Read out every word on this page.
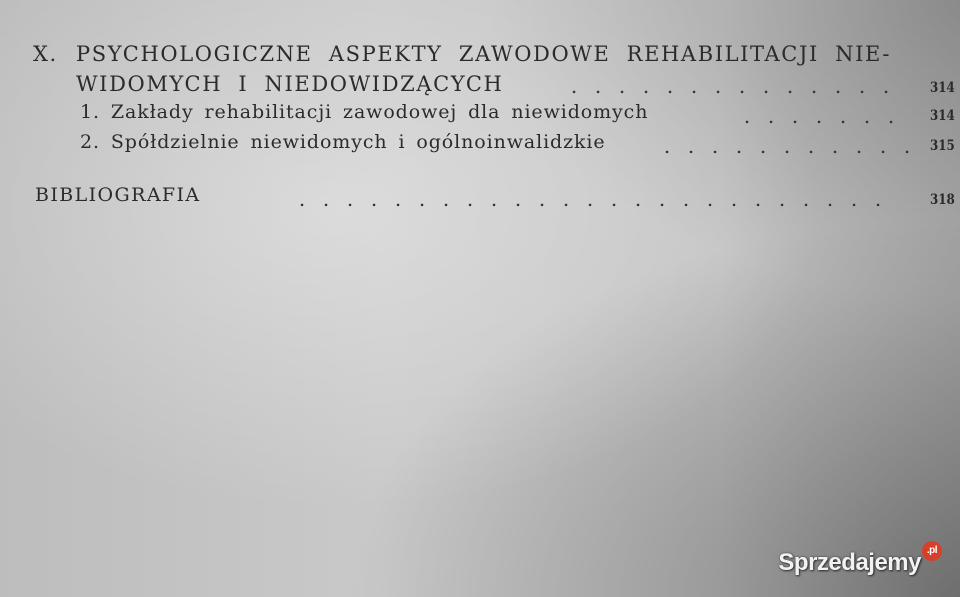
X. PSYCHOLOGICZNE ASPEKTY ZAWODOWE REHABILITACJI NIE-
WIDOMYCH I NIEDOWIDZĄCYCH	. . . . . . . . . . . . . .	314
1. Zakłady rehabilitacji zawodowej dla niewidomych	. . . . . . .	314
2. Spółdzielnie niewidomych i ogólnoinwalidzkie	. . . . . . . . . . .	315
BIBLIOGRAFIA	. . . . . . . . . . . . . . . . . . . . . . . . .	318
Sprzedajemy .pl
